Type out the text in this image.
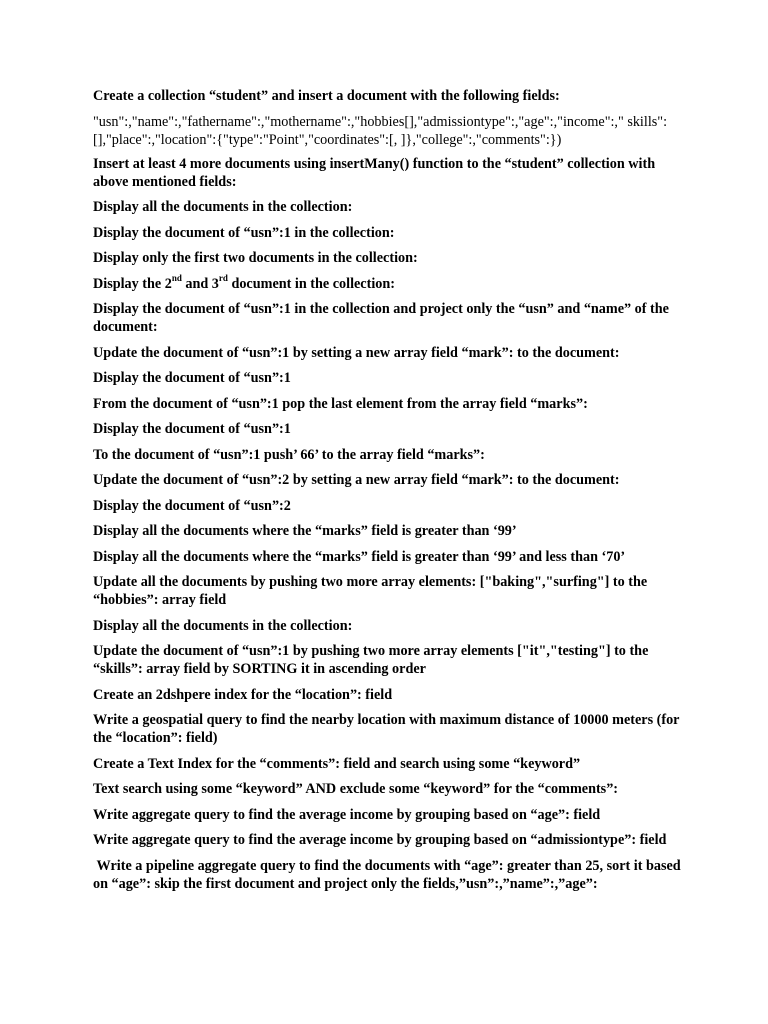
Create a collection “student” and insert a document with the following fields:

"usn":,"name":,"fathername":,"mothername":,"hobbies[],"admissiontype":,"age":,"income":," skills":[],"place":,"location":{"type":"Point","coordinates":[, ]},"college":,"comments":})

Insert at least 4 more documents using insertMany() function to the “student” collection with above mentioned fields:

Display all the documents in the collection:

Display the document of “usn”:1 in the collection:

Display only the first two documents in the collection:

Display the 2nd and 3rd document in the collection:

Display the document of “usn”:1 in the collection and project only the “usn” and “name” of the document:

Update the document of “usn”:1 by setting a new array field “mark”: to the document:

Display the document of “usn”:1

From the document of “usn”:1 pop the last element from the array field “marks”:

Display the document of “usn”:1

To the document of “usn”:1 push’ 66’ to the array field “marks”:

Update the document of “usn”:2 by setting a new array field “mark”: to the document:

Display the document of “usn”:2

Display all the documents where the “marks” field is greater than ‘99’

Display all the documents where the “marks” field is greater than ‘99’ and less than ‘70’

Update all the documents by pushing two more array elements: ["baking","surfing"] to the “hobbies”: array field

Display all the documents in the collection:

Update the document of “usn”:1 by pushing two more array elements ["it","testing"] to the “skills”: array field by SORTING it in ascending order

Create an 2dshpere index for the “location”: field

Write a geospatial query to find the nearby location with maximum distance of 10000 meters (for the “location”: field)

Create a Text Index for the “comments”: field and search using some “keyword”

Text search using some “keyword” AND exclude some “keyword” for the “comments”:

Write aggregate query to find the average income by grouping based on “age”: field

Write aggregate query to find the average income by grouping based on “admissiontype”: field

Write a pipeline aggregate query to find the documents with “age”: greater than 25, sort it based on “age”: skip the first document and project only the fields,”usn”:,”name”:,”age”:
